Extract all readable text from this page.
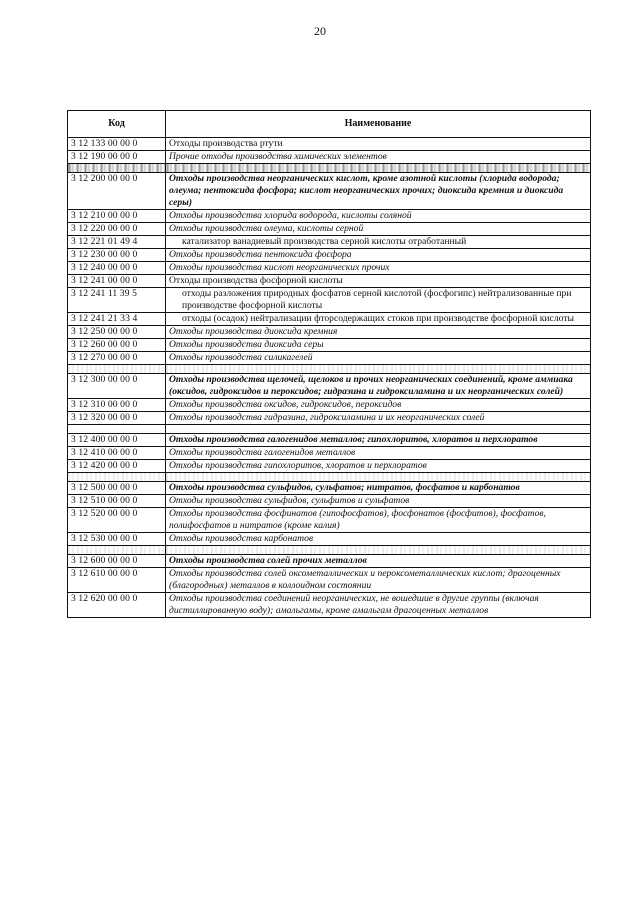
20
Код	Наименование
3 12 133 00 00 0	Отходы производства ртути
3 12 190 00 00 0	Прочие отходы производства химических элементов

3 12 200 00 00 0	Отходы производства неорганических кислот, кроме азотной кислоты (хлорида водорода; олеума; пентоксида фосфора; кислот неорганических прочих; диоксида кремния и диоксида серы)
3 12 210 00 00 0	Отходы производства хлорида водорода, кислоты соляной
3 12 220 00 00 0	Отходы производства олеума, кислоты серной
3 12 221 01 49 4	катализатор ванадиевый производства серной кислоты отработанный
3 12 230 00 00 0	Отходы производства пентоксида фосфора
3 12 240 00 00 0	Отходы производства кислот неорганических прочих
3 12 241 00 00 0	Отходы производства фосфорной кислоты
3 12 241 11 39 5	отходы разложения природных фосфатов серной кислотой (фосфогипс) нейтрализованные при производстве фосфорной кислоты
3 12 241 21 33 4	отходы (осадок) нейтрализации фторсодержащих стоков при производстве фосфорной кислоты
3 12 250 00 00 0	Отходы производства диоксида кремния
3 12 260 00 00 0	Отходы производства диоксида серы
3 12 270 00 00 0	Отходы производства силикагелей

3 12 300 00 00 0	Отходы производства щелочей, щелоков и прочих неорганических соединений, кроме аммиака (оксидов, гидроксидов и пероксидов; гидразина и гидроксиламина и их неорганических солей)
3 12 310 00 00 0	Отходы производства оксидов, гидроксидов, пероксидов
3 12 320 00 00 0	Отходы производства гидразина, гидроксиламина и их неорганических солей

3 12 400 00 00 0	Отходы производства галогенидов металлов; гипохлоритов, хлоратов и перхлоратов
3 12 410 00 00 0	Отходы производства галогенидов металлов
3 12 420 00 00 0	Отходы производства гипохлоритов, хлоратов и перхлоратов

3 12 500 00 00 0	Отходы производства сульфидов, сульфатов; нитратов, фосфатов и карбонатов
3 12 510 00 00 0	Отходы производства сульфидов, сульфитов и сульфатов
3 12 520 00 00 0	Отходы производства фосфинатов (гипофосфатов), фосфонатов (фосфитов), фосфатов, полифосфатов и нитратов (кроме калия)
3 12 530 00 00 0	Отходы производства карбонатов

3 12 600 00 00 0	Отходы производства солей прочих металлов
3 12 610 00 00 0	Отходы производства солей оксометаллических и пероксометаллических кислот; драгоценных (благородных) металлов в коллоидном состоянии
3 12 620 00 00 0	Отходы производства соединений неорганических, не вошедшие в другие группы (включая дистиллированную воду); амальгамы, кроме амальгам драгоценных металлов
